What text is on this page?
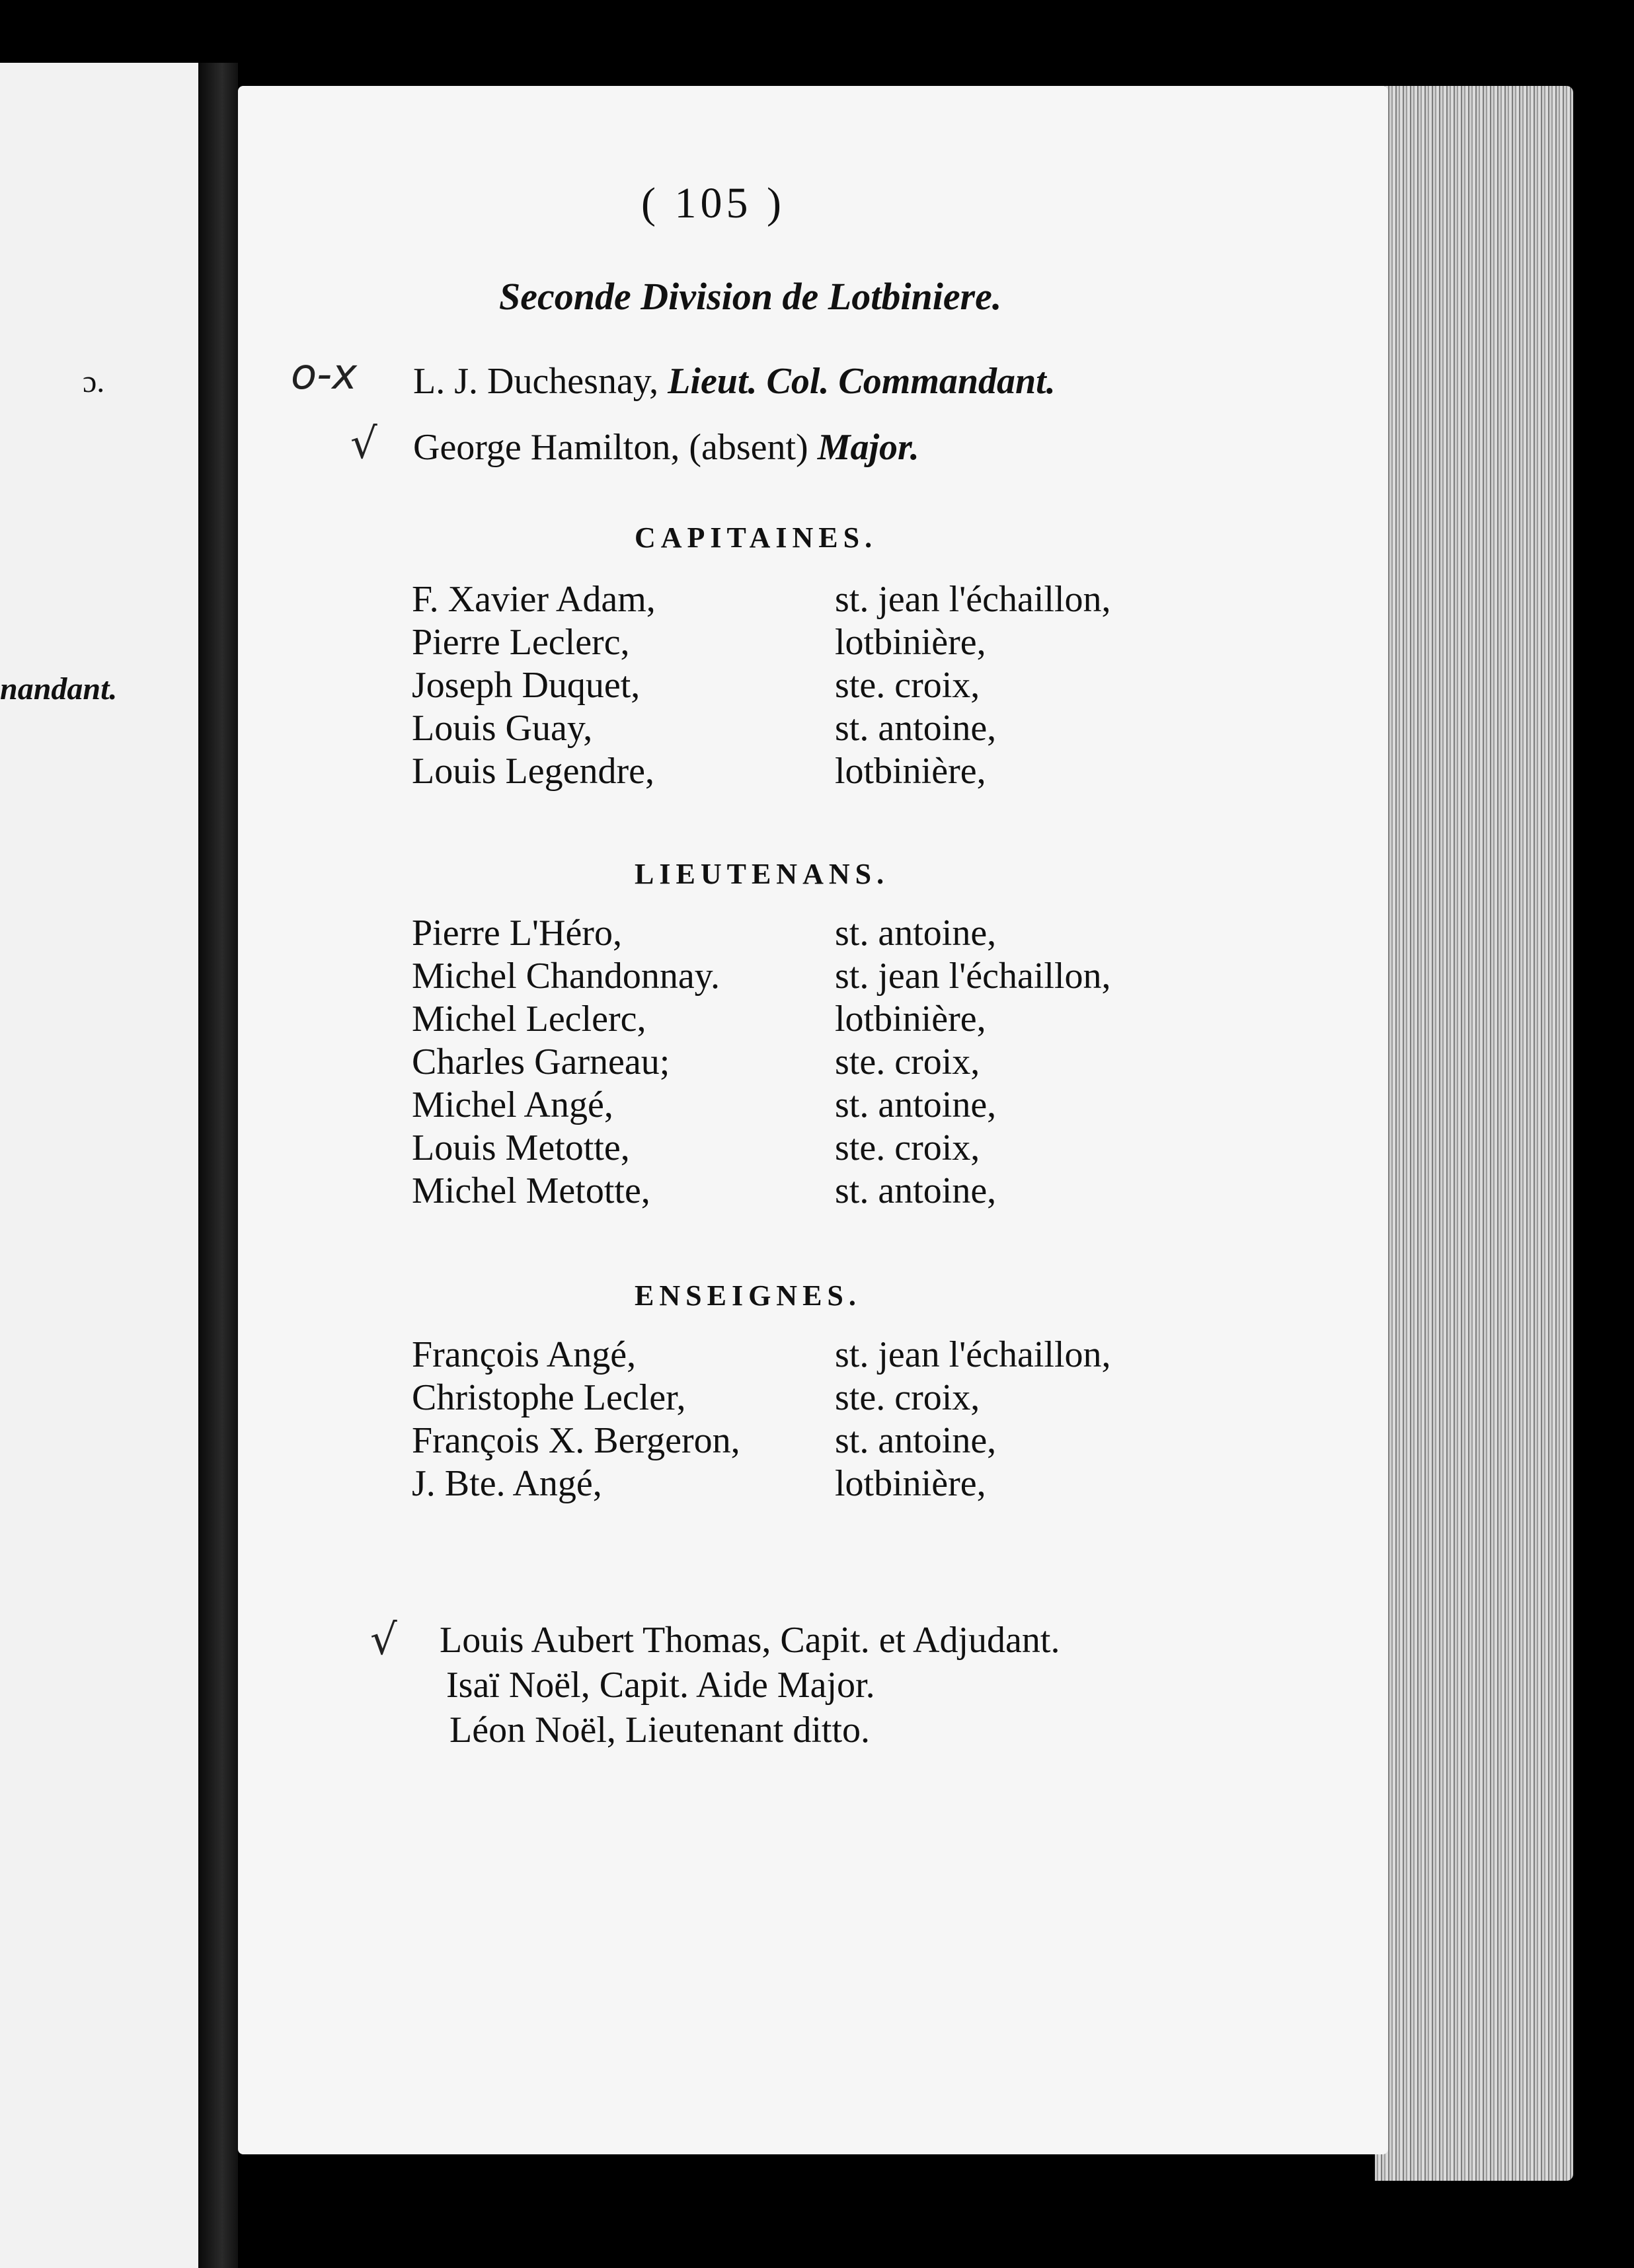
ɔ.
nandant.
( 105 )
Seconde Division de Lotbiniere.
o-x L. J. Duchesnay, Lieut. Col. Commandant.
√ George Hamilton, (absent) Major.
CAPITAINES.
F. Xavier Adam,	st. jean l'échaillon,
Pierre Leclerc,	lotbinière,
Joseph Duquet,	ste. croix,
Louis Guay,	st. antoine,
Louis Legendre,	lotbinière,
LIEUTENANS.
Pierre L'Héro,	st. antoine,
Michel Chandonnay.	st. jean l'échaillon,
Michel Leclerc,	lotbinière,
Charles Garneau;	ste. croix,
Michel Angé,	st. antoine,
Louis Metotte,	ste. croix,
Michel Metotte,	st. antoine,
ENSEIGNES.
François Angé,	st. jean l'échaillon,
Christophe Lecler,	ste. croix,
François X. Bergeron,	st. antoine,
J. Bte. Angé,	lotbinière,
√ Louis Aubert Thomas, Capit. et Adjudant.
Isaï Noël, Capit. Aide Major.
Léon Noël, Lieutenant ditto.
